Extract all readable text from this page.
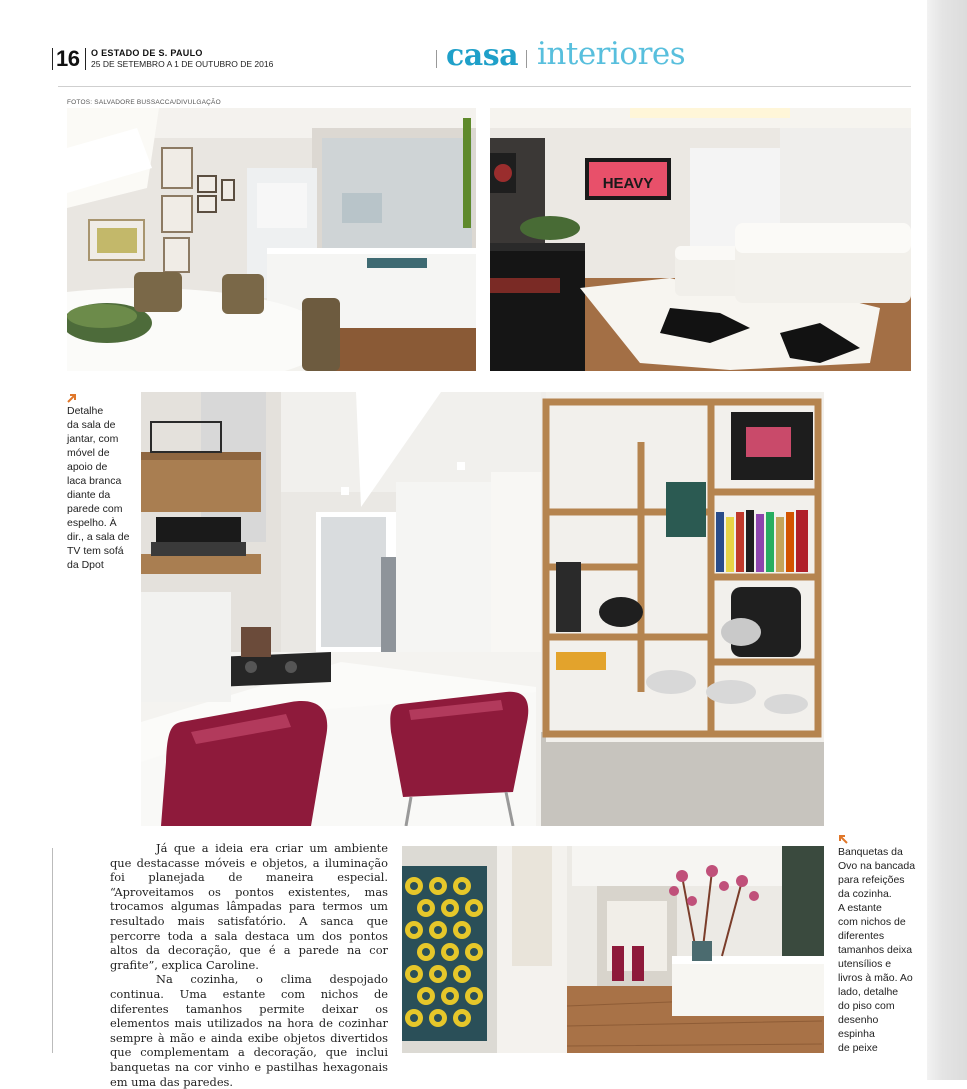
16 O ESTADO DE S. PAULO
25 DE SETEMBRO A 1 DE OUTUBRO DE 2016	casa interiores
FOTOS: SALVADORE BUSSACCA/DIVULGAÇÃO
HEAVY
Detalhe
da sala de
jantar, com
móvel de
apoio de
laca branca
diante da
parede com
espelho. À
dir., a sala de
TV tem sofá
da Dpot
Banquetas da
Ovo na bancada
para refeições
da cozinha.
A estante
com nichos de
diferentes
tamanhos deixa
utensílios e
livros à mão. Ao
lado, detalhe
do piso com
desenho
espinha
de peixe

Já que a ideia era criar um ambiente que destacasse móveis e objetos, a iluminação foi planejada de maneira especial. “Aproveitamos os pontos existentes, mas trocamos algumas lâmpadas para termos um resultado mais satisfatório. A sanca que percorre toda a sala destaca um dos pontos altos da decoração, que é a parede na cor grafite”, explica Caroline.

Na cozinha, o clima despojado continua. Uma estante com nichos de diferentes tamanhos permite deixar os elementos mais utilizados na hora de cozinhar sempre à mão e ainda exibe objetos divertidos que complementam a decoração, que inclui banquetas na cor vinho e pastilhas hexagonais em uma das paredes.
